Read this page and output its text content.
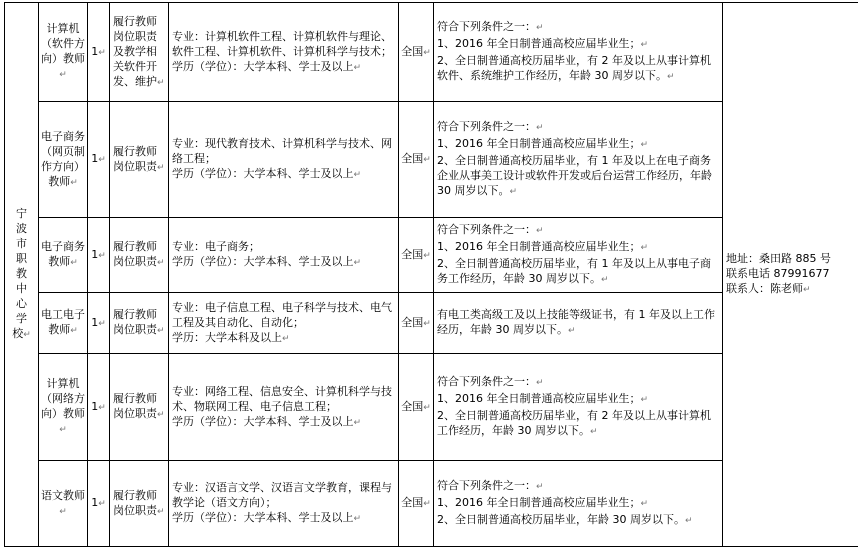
宁波市职教中心学校↵	计算机（软件方向）教师↵	1↵	履行教师岗位职责及教学相关软件开发、维护↵	专业：计算机软件工程、计算机软件与理论、软件工程、计算机软件、计算机科学与技术；
学历（学位）：大学本科、学士及以上↵	全国↵	符合下列条件之一：↵
1、2016 年全日制普通高校应届毕业生；↵
2、全日制普通高校历届毕业，有 2 年及以上从事计算机软件、系统维护工作经历，年龄 30 周岁以下。↵	地址：桑田路 885 号
联系电话 87991677
联系人：陈老师↵	

	电子商务（网页制作方向）教师↵	1↵	履行教师岗位职责↵	专业：现代教育技术、计算机科学与技术、网络工程；
学历（学位）：大学本科、学士及以上↵	全国↵	符合下列条件之一：↵
1、2016 年全日制普通高校应届毕业生；↵
2、全日制普通高校历届毕业，有 1 年及以上在电子商务企业从事美工设计或软件开发或后台运营工作经历，年龄 30 周岁以下。↵		

	电子商务教师↵	1↵	履行教师岗位职责↵	专业：电子商务；
学历（学位）：大学本科、学士及以上↵	全国↵	符合下列条件之一：↵
1、2016 年全日制普通高校应届毕业生；↵
2、全日制普通高校历届毕业，有 1 年及以上从事电子商务工作经历，年龄 30 周岁以下。↵		

	电工电子教师↵	1↵	履行教师岗位职责↵	专业：电子信息工程、电子科学与技术、电气工程及其自动化、自动化；
学历：大学本科及以上↵	全国↵	有电工类高级工及以上技能等级证书，有 1 年及以上工作经历，年龄 30 周岁以下。↵		

	计算机（网络方向）教师↵	1↵	履行教师岗位职责↵	专业：网络工程、信息安全、计算机科学与技术、物联网工程、电子信息工程；
学历（学位）：大学本科、学士及以上↵	全国↵	符合下列条件之一：↵
1、2016 年全日制普通高校应届毕业生；↵
2、全日制普通高校历届毕业，有 2 年及以上从事计算机工作经历，年龄 30 周岁以下。↵		

	语文教师↵	1↵	履行教师岗位职责↵	专业：汉语言文学、汉语言文学教育，课程与教学论（语文方向）；
学历（学位）：大学本科、学士及以上↵	全国↵	符合下列条件之一：↵
1、2016 年全日制普通高校应届毕业生；↵
2、全日制普通高校历届毕业，年龄 30 周岁以下。↵		
